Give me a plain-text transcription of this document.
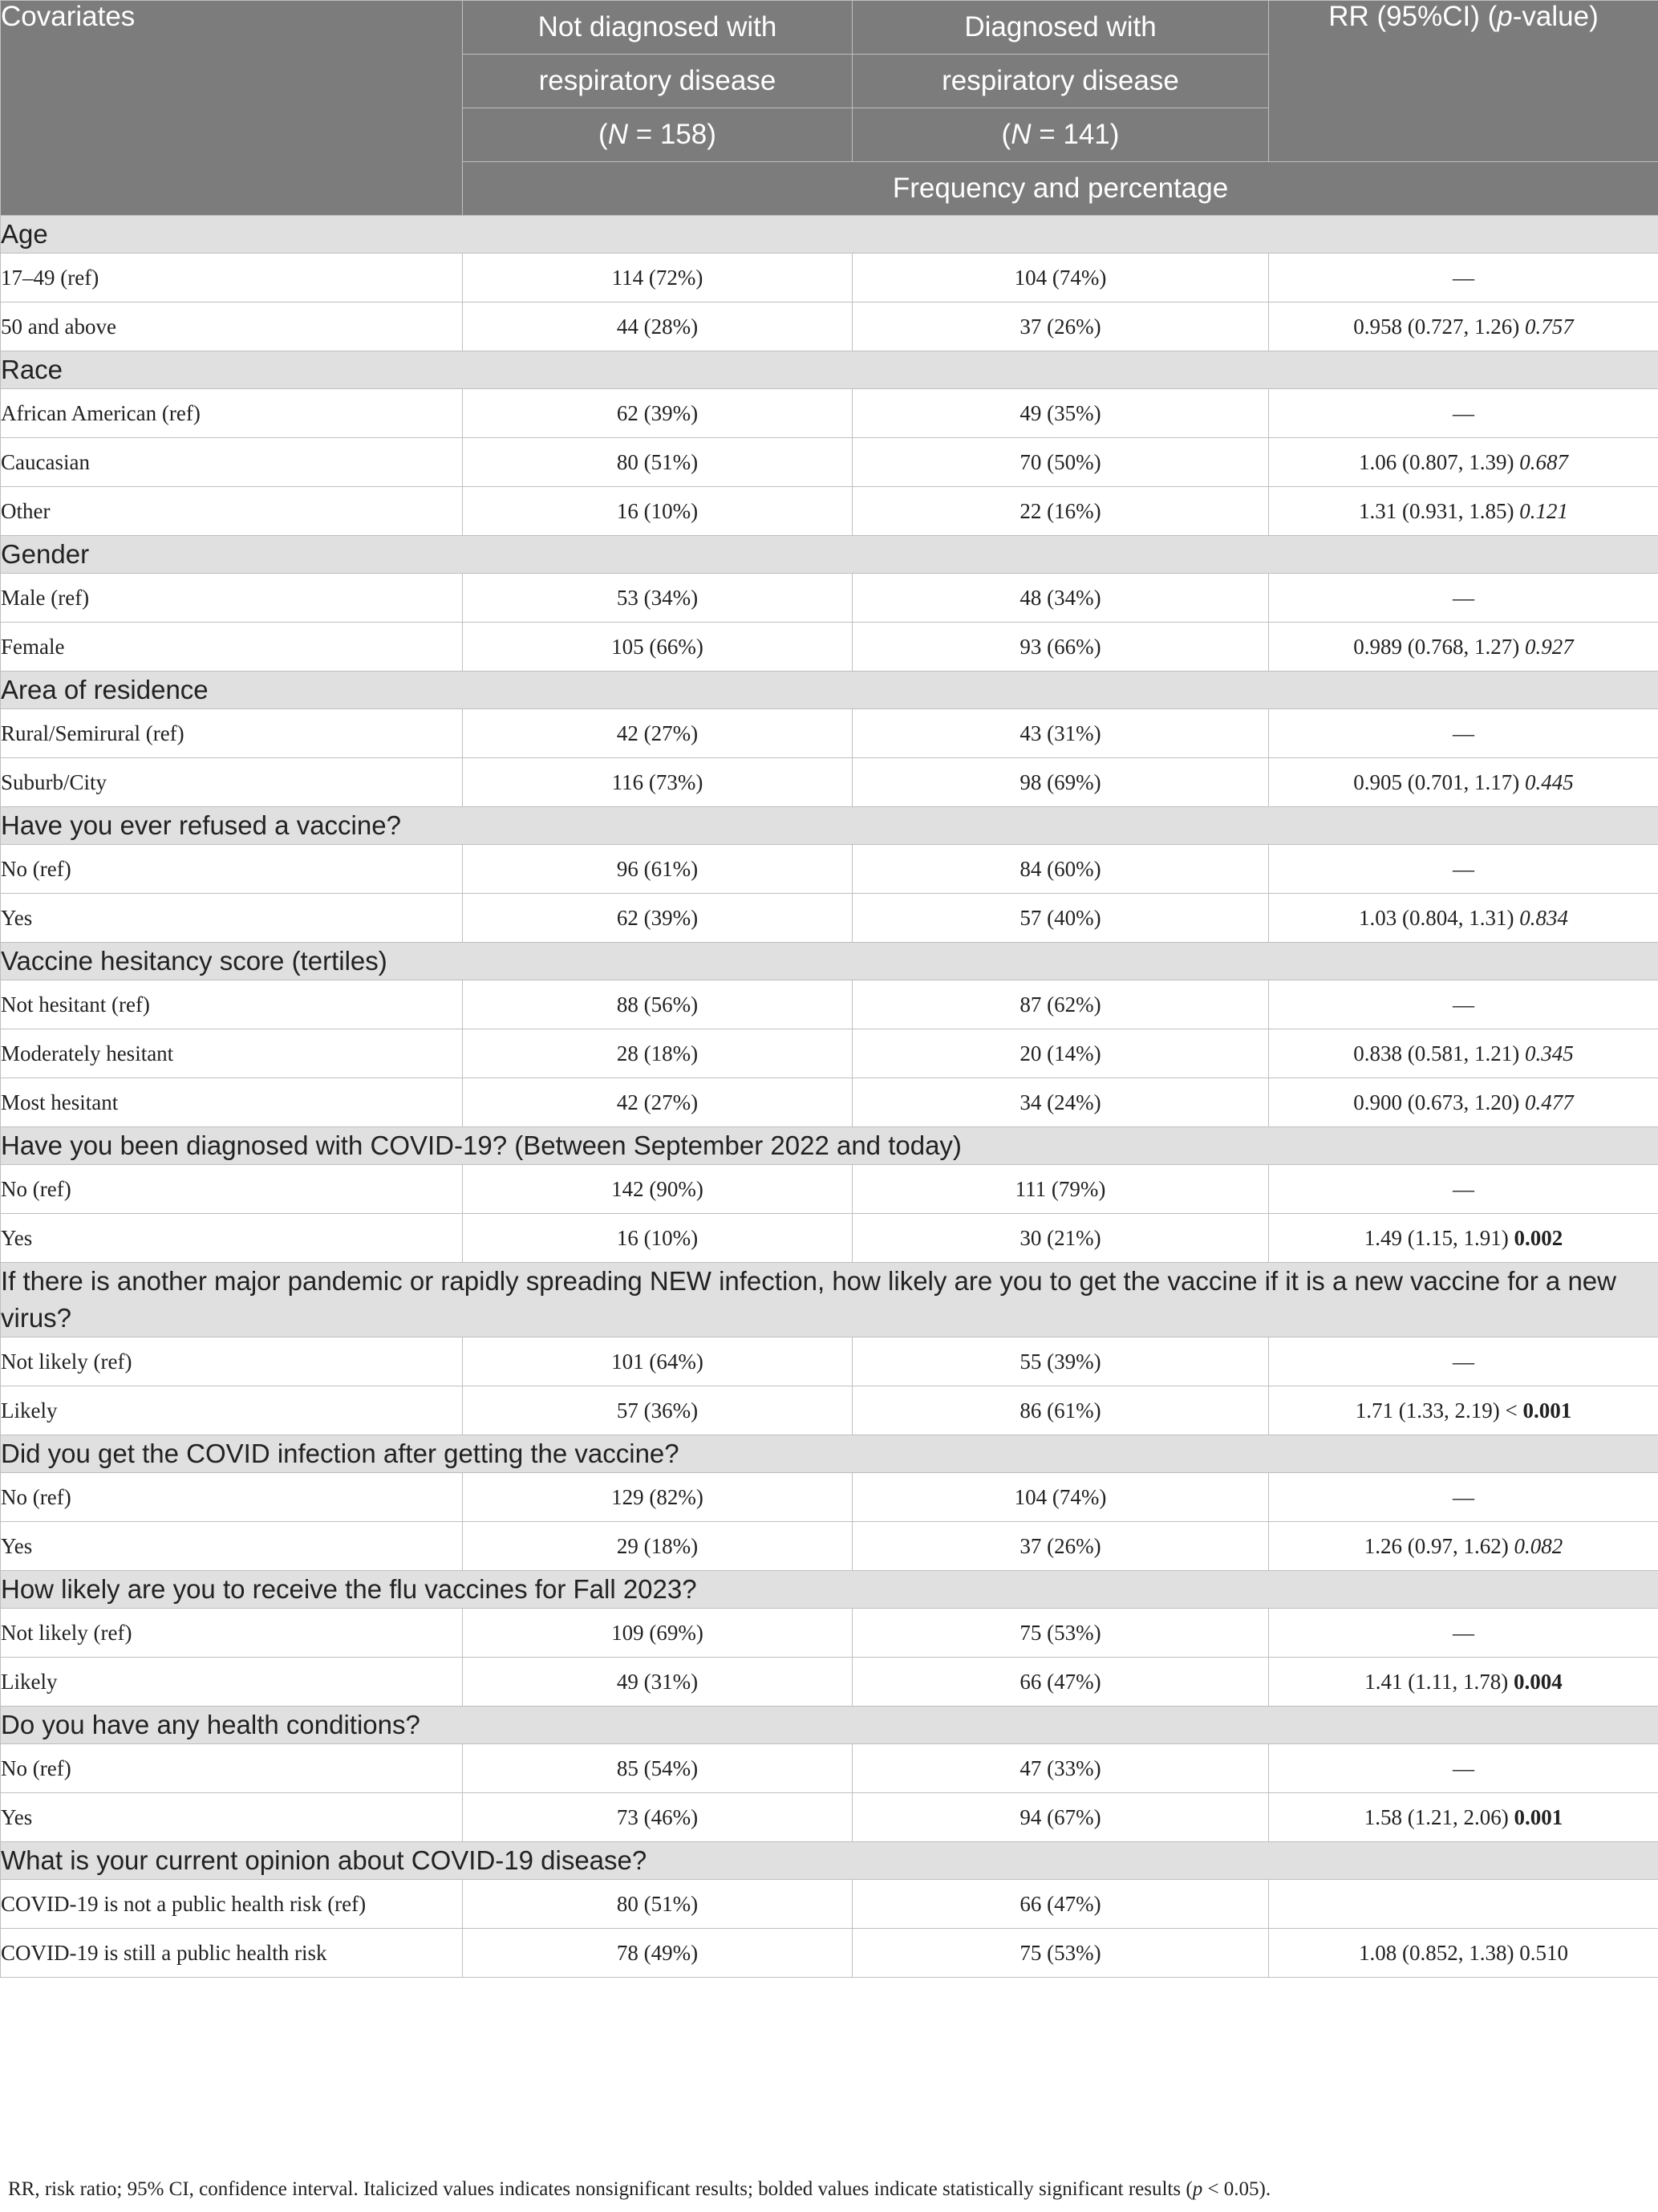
Covariates	Not diagnosed with	Diagnosed with	RR (95%CI) (p-value)
	respiratory disease	respiratory disease	
	(N = 158)	(N = 141)	
	Frequency and percentage		
Age			
17–49 (ref)	114 (72%)	104 (74%)	—
50 and above	44 (28%)	37 (26%)	0.958 (0.727, 1.26) 0.757
Race			
African American (ref)	62 (39%)	49 (35%)	—
Caucasian	80 (51%)	70 (50%)	1.06 (0.807, 1.39) 0.687
Other	16 (10%)	22 (16%)	1.31 (0.931, 1.85) 0.121
Gender			
Male (ref)	53 (34%)	48 (34%)	—
Female	105 (66%)	93 (66%)	0.989 (0.768, 1.27) 0.927
Area of residence			
Rural/Semirural (ref)	42 (27%)	43 (31%)	—
Suburb/City	116 (73%)	98 (69%)	0.905 (0.701, 1.17) 0.445
Have you ever refused a vaccine?			
No (ref)	96 (61%)	84 (60%)	—
Yes	62 (39%)	57 (40%)	1.03 (0.804, 1.31) 0.834
Vaccine hesitancy score (tertiles)			
Not hesitant (ref)	88 (56%)	87 (62%)	—
Moderately hesitant	28 (18%)	20 (14%)	0.838 (0.581, 1.21) 0.345
Most hesitant	42 (27%)	34 (24%)	0.900 (0.673, 1.20) 0.477
Have you been diagnosed with COVID-19? (Between September 2022 and today)			
No (ref)	142 (90%)	111 (79%)	—
Yes	16 (10%)	30 (21%)	1.49 (1.15, 1.91) 0.002
If there is another major pandemic or rapidly spreading NEW infection, how likely are you to get the vaccine if it is a new vaccine for a new virus?			
Not likely (ref)	101 (64%)	55 (39%)	—
Likely	57 (36%)	86 (61%)	1.71 (1.33, 2.19) < 0.001
Did you get the COVID infection after getting the vaccine?			
No (ref)	129 (82%)	104 (74%)	—
Yes	29 (18%)	37 (26%)	1.26 (0.97, 1.62) 0.082
How likely are you to receive the flu vaccines for Fall 2023?			
Not likely (ref)	109 (69%)	75 (53%)	—
Likely	49 (31%)	66 (47%)	1.41 (1.11, 1.78) 0.004
Do you have any health conditions?			
No (ref)	85 (54%)	47 (33%)	—
Yes	73 (46%)	94 (67%)	1.58 (1.21, 2.06) 0.001
What is your current opinion about COVID-19 disease?			
COVID-19 is not a public health risk (ref)	80 (51%)	66 (47%)	
COVID-19 is still a public health risk	78 (49%)	75 (53%)	1.08 (0.852, 1.38) 0.510
RR, risk ratio; 95% CI, confidence interval. Italicized values indicates nonsignificant results; bolded values indicate statistically significant results (p < 0.05).
